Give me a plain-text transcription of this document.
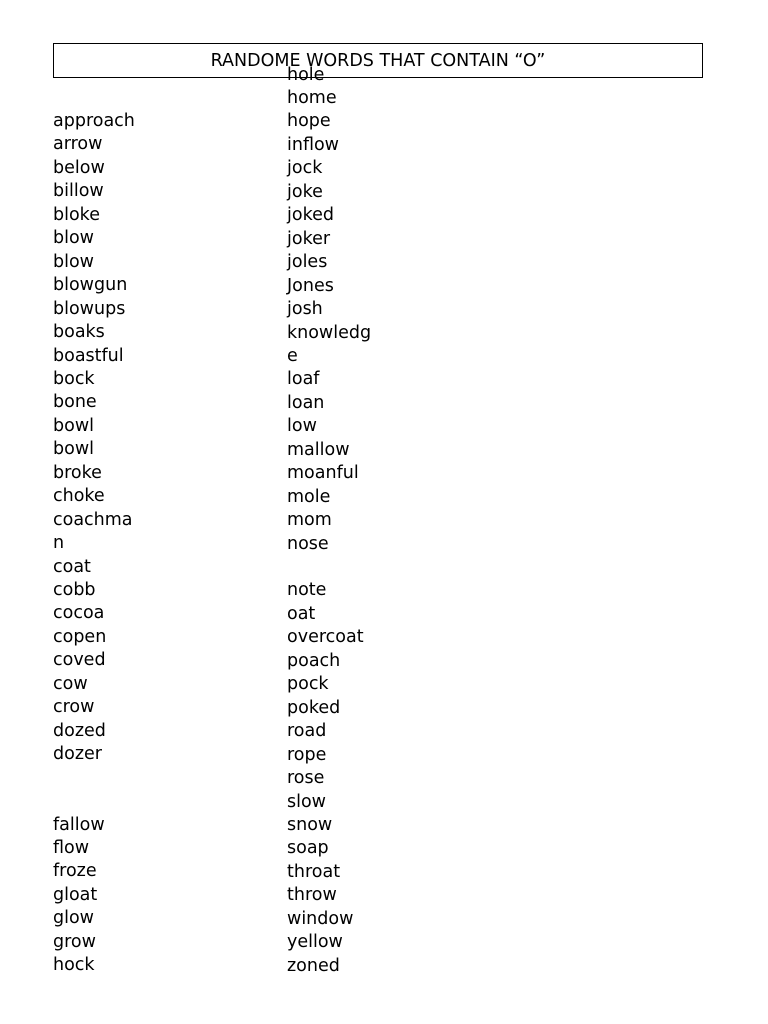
RANDOME WORDS THAT CONTAIN “O”
hole
approach
arrow
below
billow
bloke
blow
blow
blowgun
blowups
boaks
boastful
bock
bone
bowl
bowl
broke
choke
coachma
n
coat
cobb
cocoa
copen
coved
cow
crow
dozed
dozer
fallow
flow
froze
gloat
glow
grow
hock
home
hope
inflow
jock
joke
joked
joker
joles
Jones
josh
knowledg
e
loaf
loan
low
mallow
moanful
mole
mom
nose
note
oat
overcoat
poach
pock
poked
road
rope
rose
slow
snow
soap
throat
throw
window
yellow
zoned
